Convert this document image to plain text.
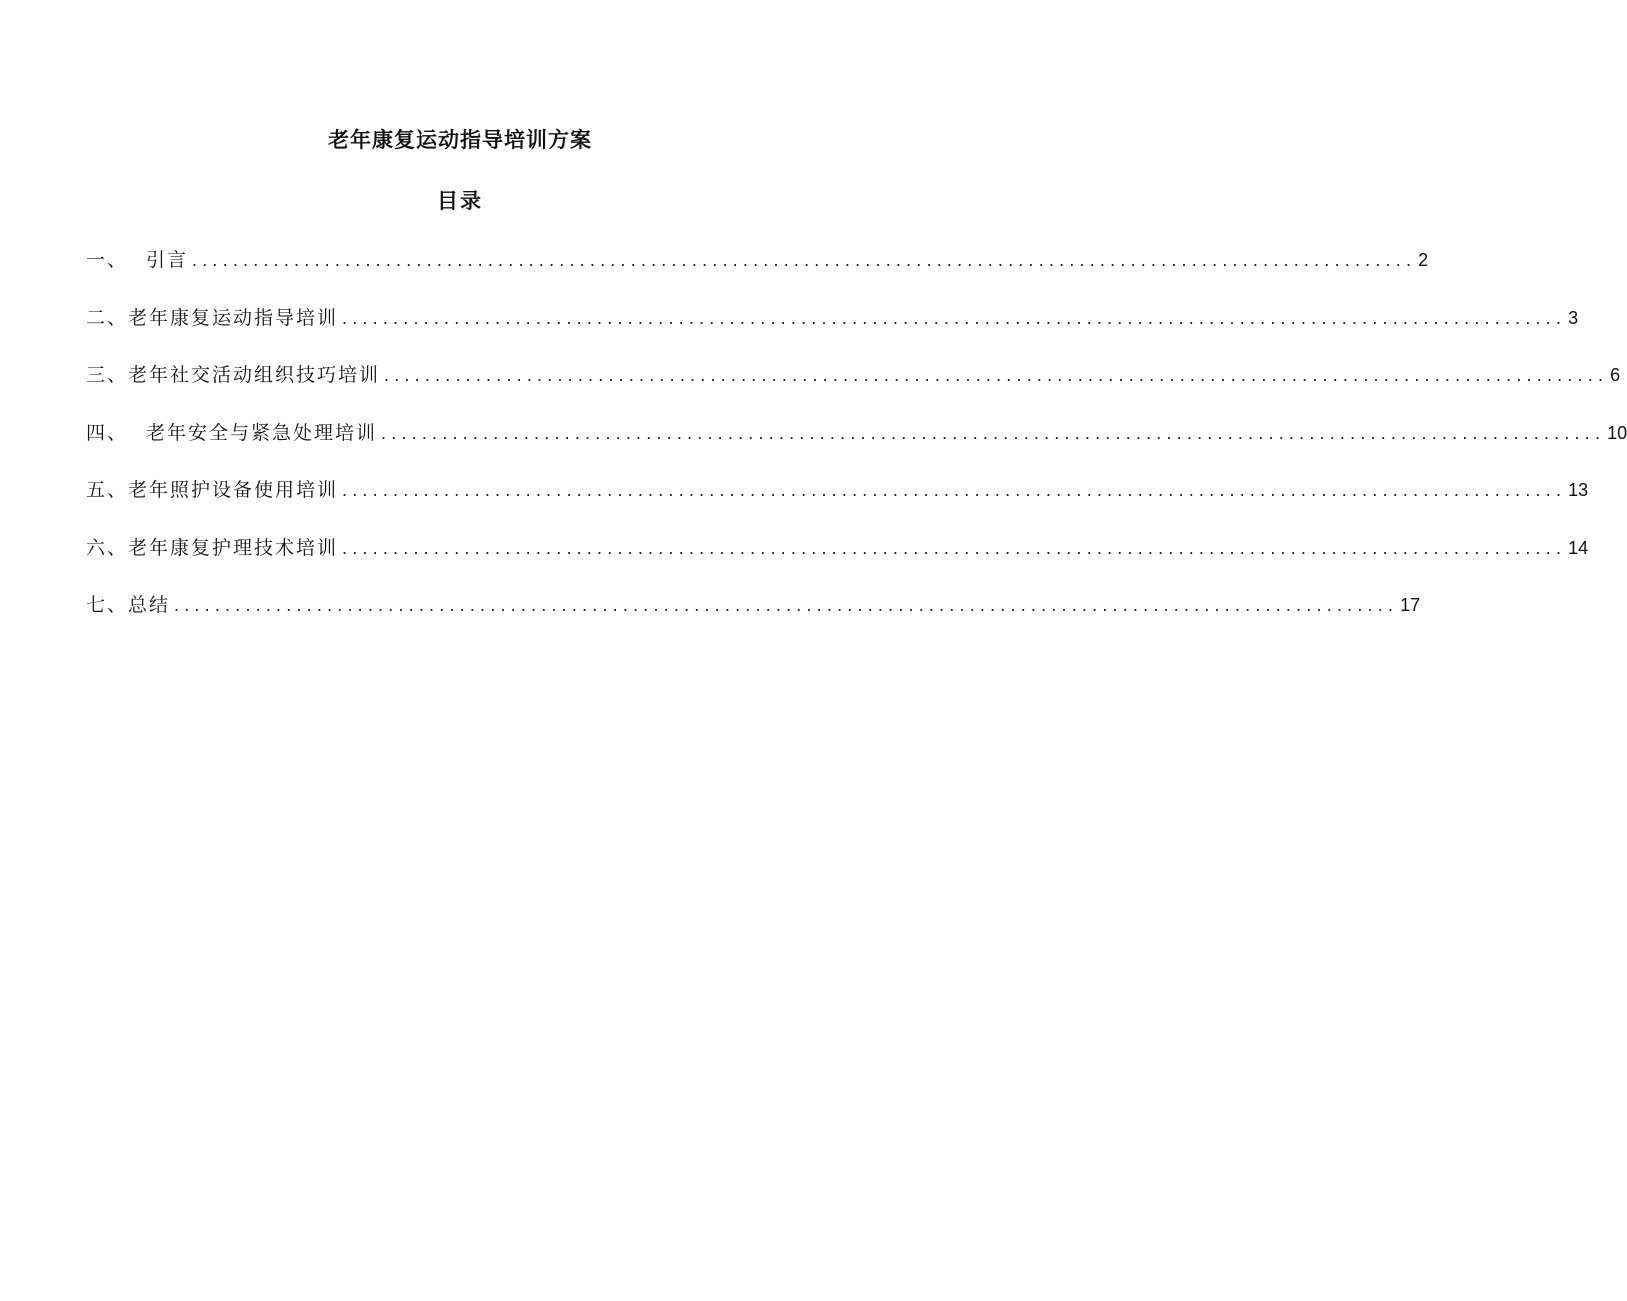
老年康复运动指导培训方案
目录
一、 引言 ........................................................................................................................ 2
二、老年康复运动指导培训 ........................................................................................................................ 3
三、老年社交活动组织技巧培训 ........................................................................................................................ 6
四、 老年安全与紧急处理培训 ........................................................................................................................ 10
五、老年照护设备使用培训 ........................................................................................................................ 13
六、老年康复护理技术培训 ........................................................................................................................ 14
七、总结 ........................................................................................................................ 17
